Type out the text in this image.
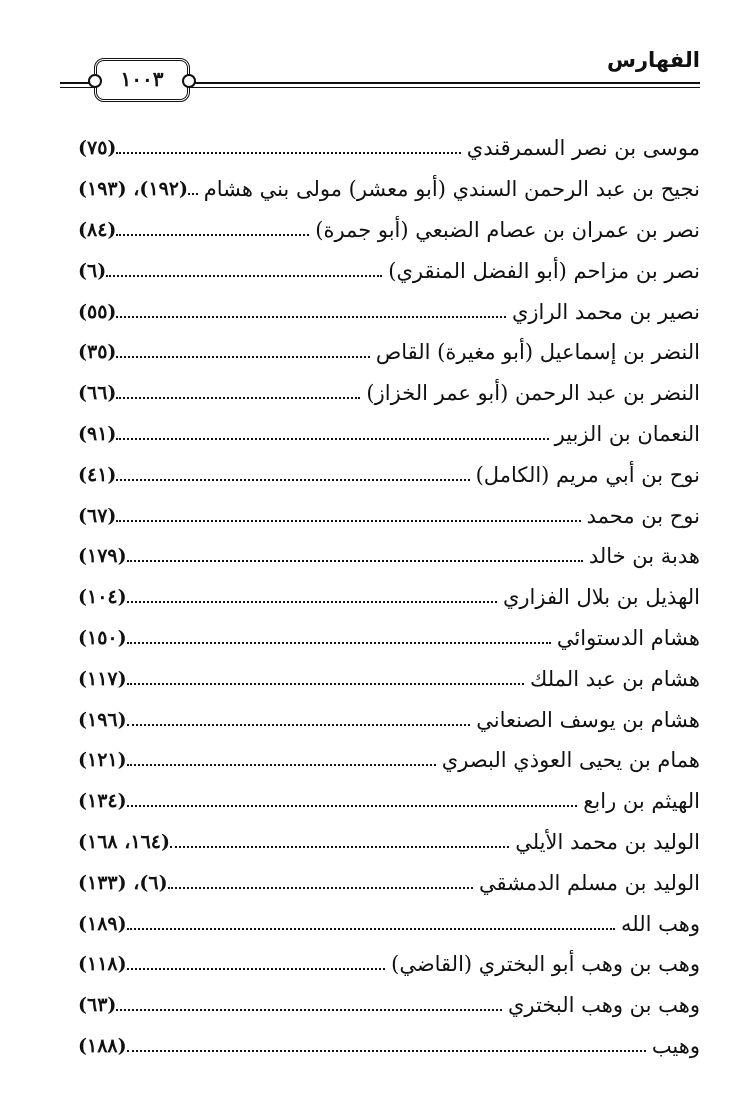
الفهارس
١٠٠٣
موسى بن نصر السمرقندي
(٧٥)
نجيح بن عبد الرحمن السندي (أبو معشر) مولى بني هشام
(١٩٢)، (١٩٣)
نصر بن عمران بن عصام الضبعي (أبو جمرة)
(٨٤)
نصر بن مزاحم (أبو الفضل المنقري)
(٦)
نصير بن محمد الرازي
(٥٥)
النضر بن إسماعيل (أبو مغيرة) القاص
(٣٥)
النضر بن عبد الرحمن (أبو عمر الخزاز)
(٦٦)
النعمان بن الزبير
(٩١)
نوح بن أبي مريم (الكامل)
(٤١)
نوح بن محمد
(٦٧)
هدبة بن خالد
(١٧٩)
الهذيل بن بلال الفزاري
(١٠٤)
هشام الدستوائي
(١٥٠)
هشام بن عبد الملك
(١١٧)
هشام بن يوسف الصنعاني
(١٩٦)
همام بن يحيى العوذي البصري
(١٢١)
الهيثم بن رابع
(١٣٤)
الوليد بن محمد الأيلي
(١٦٤، ١٦٨)
الوليد بن مسلم الدمشقي
(٦)، (١٣٣)
وهب الله
(١٨٩)
وهب بن وهب أبو البختري (القاضي)
(١١٨)
وهب بن وهب البختري
(٦٣)
وهيب
(١٨٨)
